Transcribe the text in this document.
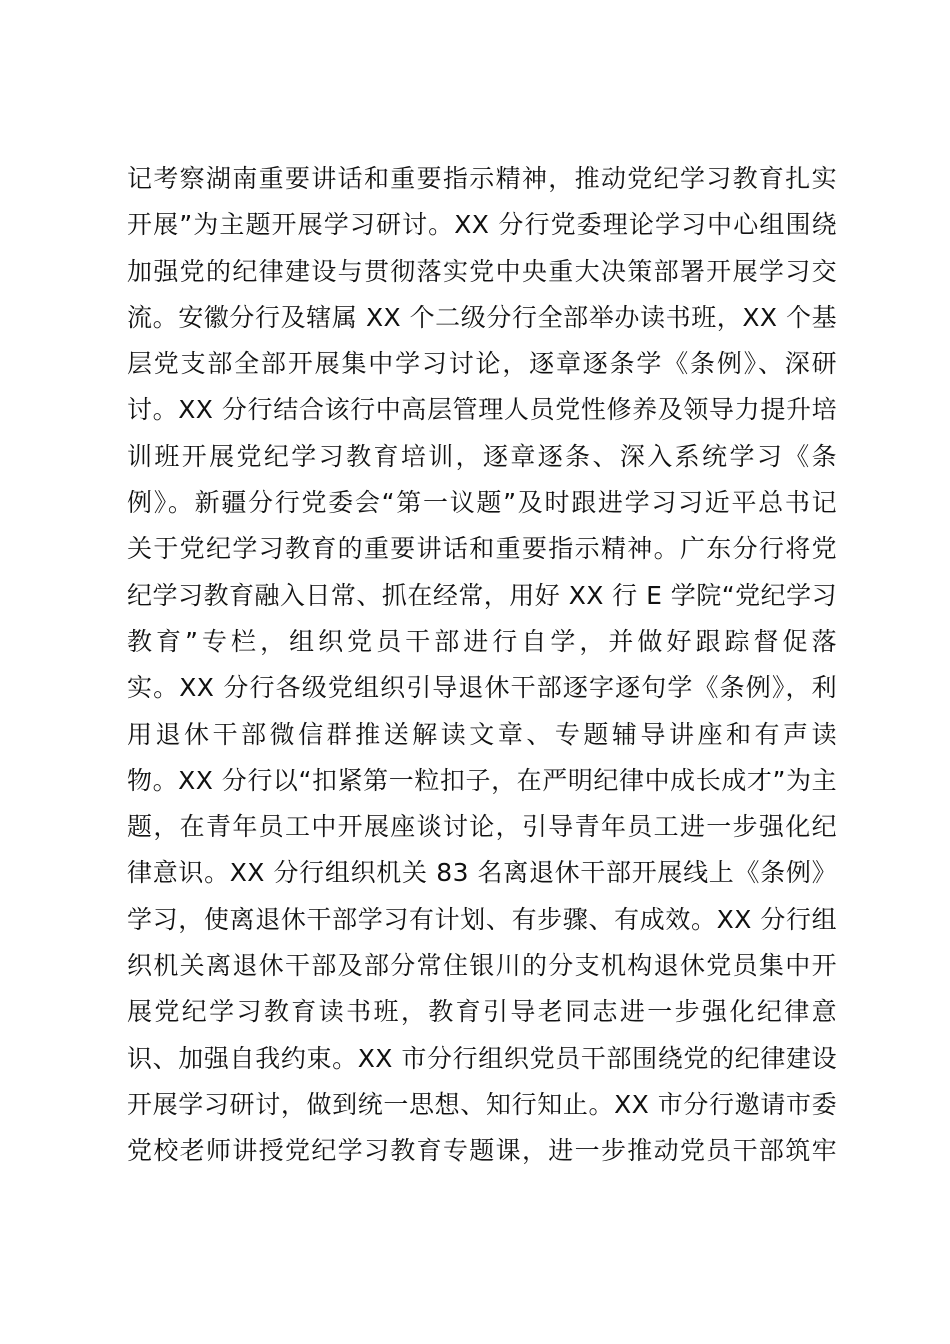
记考察湖南重要讲话和重要指示精神，推动党纪学习教育扎实
开展”为主题开展学习研讨。XX 分行党委理论学习中心组围绕
加强党的纪律建设与贯彻落实党中央重大决策部署开展学习交
流。安徽分行及辖属 XX 个二级分行全部举办读书班，XX 个基
层党支部全部开展集中学习讨论，逐章逐条学《条例》、深研
讨。XX 分行结合该行中高层管理人员党性修养及领导力提升培
训班开展党纪学习教育培训，逐章逐条、深入系统学习《条
例》。新疆分行党委会“第一议题”及时跟进学习习近平总书记
关于党纪学习教育的重要讲话和重要指示精神。广东分行将党
纪学习教育融入日常、抓在经常，用好 XX 行 E 学院“党纪学习
教育”专栏，组织党员干部进行自学，并做好跟踪督促落
实。XX 分行各级党组织引导退休干部逐字逐句学《条例》，利
用退休干部微信群推送解读文章、专题辅导讲座和有声读
物。XX 分行以“扣紧第一粒扣子，在严明纪律中成长成才”为主
题，在青年员工中开展座谈讨论，引导青年员工进一步强化纪
律意识。XX 分行组织机关 83 名离退休干部开展线上《条例》
学习，使离退休干部学习有计划、有步骤、有成效。XX 分行组
织机关离退休干部及部分常住银川的分支机构退休党员集中开
展党纪学习教育读书班，教育引导老同志进一步强化纪律意
识、加强自我约束。XX 市分行组织党员干部围绕党的纪律建设
开展学习研讨，做到统一思想、知行知止。XX 市分行邀请市委
党校老师讲授党纪学习教育专题课，进一步推动党员干部筑牢
